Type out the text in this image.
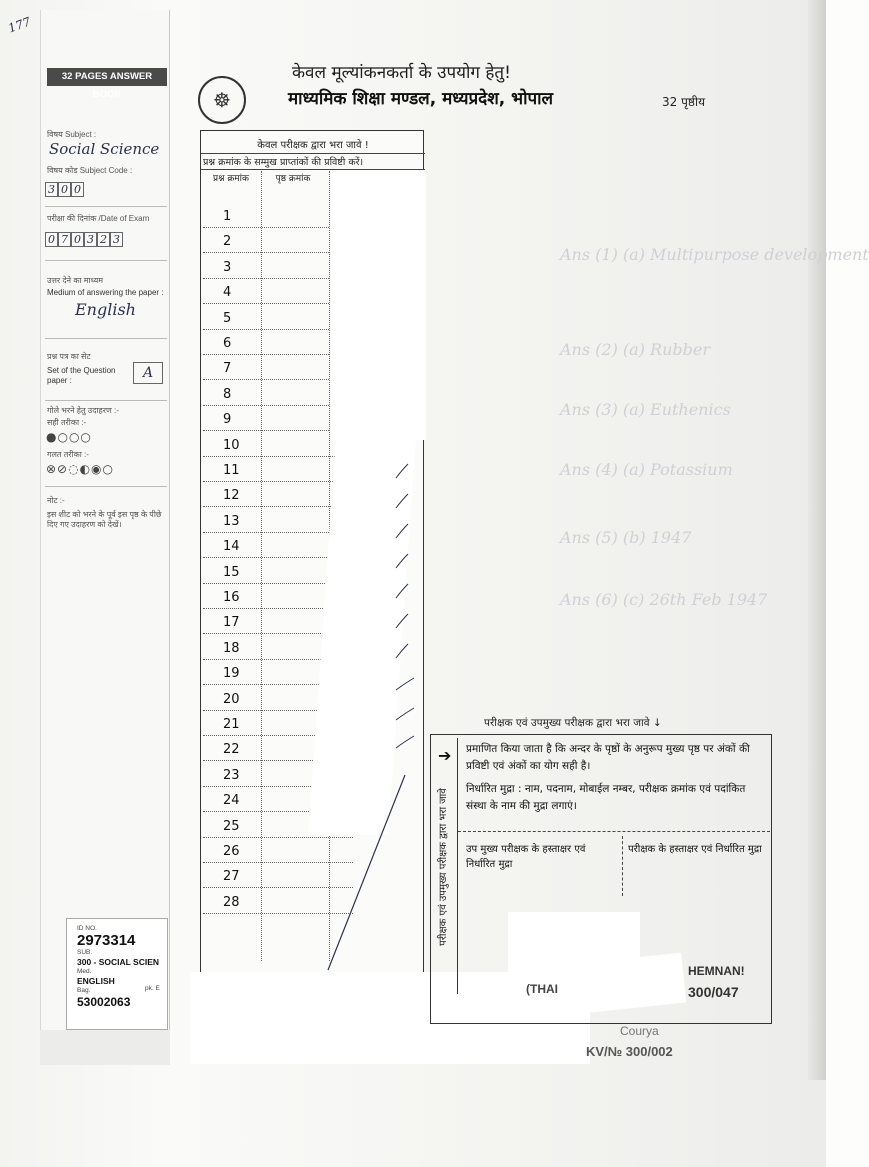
177
Ans (1) (a) Multipurpose development
Ans (2) (a) Rubber
Ans (3) (a) Euthenics
Ans (4) (a) Potassium
Ans (5) (b) 1947
Ans (6) (c) 26th Feb 1947
32 PAGES ANSWER BOOK
विषय Subject :
Social Science
विषय कोड Subject Code :
3 0 0
परीक्षा की दिनांक /Date of Exam
0 7 0 3 2 3
उत्तर देने का माध्यम
Medium of answering the paper :
English
प्रश्न पत्र का सेट
Set of the Question paper :	A
गोले भरने हेतु उदाहरण :-
सही तरीका :-
●○○○
गलत तरीका :-
⊗⊘◌◐◉○
नोट :-
इस शीट को भरने के पूर्व इस पृष्ठ के पीछे दिए गए उदाहरण को देखें।
ID NO.
2973314
SUB.
300 - SOCIAL SCIEN
Med.
ENGLISH
Bag.
53002063
pk. E
☸
केवल मूल्यांकनकर्ता के उपयोग हेतु!
माध्यमिक शिक्षा मण्डल, मध्यप्रदेश, भोपाल	32 पृष्ठीय
केवल परीक्षक द्वारा भरा जावे !
प्रश्न क्रमांक के सम्मुख प्राप्तांकों की प्रविष्टी करें।
प्रश्न क्रमांक	पृष्ठ क्रमांक
1
2
3
4
5
6
7
8
9
10
11
12
13
14
15
16
17
18
19
20
21
22
23
24
25
26
27
28
परीक्षक एवं उपमुख्य परीक्षक द्वारा भरा जावे ↓
परीक्षक एवं उपमुख्य परीक्षक द्वारा भरा जावे
➔ प्रमाणित किया जाता है कि अन्दर के पृष्ठों के अनुरूप मुख्य पृष्ठ पर अंकों की प्रविष्टी एवं अंकों का योग सही है।
निर्धारित मुद्रा : नाम, पदनाम, मोबाईल नम्बर, परीक्षक क्रमांक एवं पदांकित संस्था के नाम की मुद्रा लगाएं।
उप मुख्य परीक्षक के हस्ताक्षर एवं निर्धारित मुद्रा
परीक्षक के हस्ताक्षर एवं निर्धारित मुद्रा
HEMNAN!
300/047
KV/№ 300/002
(THAI
Courya
